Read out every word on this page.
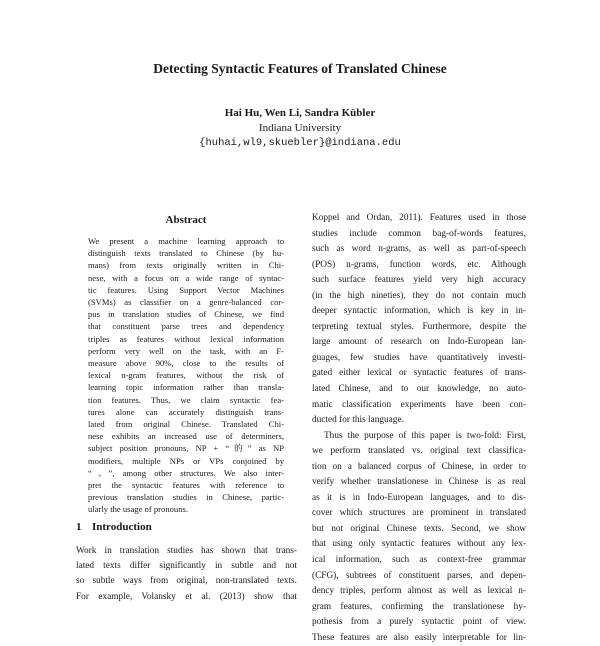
Detecting Syntactic Features of Translated Chinese
Hai Hu, Wen Li, Sandra Kübler
Indiana University
{huhai,wl9,skuebler}@indiana.edu
Abstract
We present a machine learning approach to
distinguish texts translated to Chinese (by hu-
mans) from texts originally written in Chi-
nese, with a focus on a wide range of syntac-
tic features. Using Support Vector Machines
(SVMs) as classifier on a genre-balanced cor-
pus in translation studies of Chinese, we find
that constituent parse trees and dependency
triples as features without lexical information
perform very well on the task, with an F-
measure above 90%, close to the results of
lexical n-gram features, without the risk of
learning topic information rather than transla-
tion features. Thus, we claim syntactic fea-
tures alone can accurately distinguish trans-
lated from original Chinese. Translated Chi-
nese exhibits an increased use of determiners,
subject position pronouns, NP + “的” as NP
modifiers, multiple NPs or VPs conjoined by
“、”, among other structures. We also inter-
pret the syntactic features with reference to
previous translation studies in Chinese, partic-
ularly the usage of pronouns.
1 Introduction
Work in translation studies has shown that trans-
lated texts differ significantly in subtle and not
so subtle ways from original, non-translated texts.
For example, Volansky et al. (2013) show that

Koppel and Ordan, 2011). Features used in those
studies include common bag-of-words features,
such as word n-grams, as well as part-of-speech
(POS) n-grams, function words, etc. Although
such surface features yield very high accuracy
(in the high nineties), they do not contain much
deeper syntactic information, which is key in in-
terpreting textual styles. Furthermore, despite the
large amount of research on Indo-European lan-
guages, few studies have quantitatively investi-
gated either lexical or syntactic features of trans-
lated Chinese, and to our knowledge, no auto-
matic classification experiments have been con-
ducted for this language.

Thus the purpose of this paper is two-fold: First,
we perform translated vs. original text classifica-
tion on a balanced corpus of Chinese, in order to
verify whether translationese in Chinese is as real
as it is in Indo-European languages, and to dis-
cover which structures are prominent in translated
but not original Chinese texts. Second, we show
that using only syntactic features without any lex-
ical information, such as context-free grammar
(CFG), subtrees of constituent parses, and depen-
dency triples, perform almost as well as lexical n-
gram features, confirming the translationese hy-
pothesis from a purely syntactic point of view.
These features are also easily interpretable for lin-
